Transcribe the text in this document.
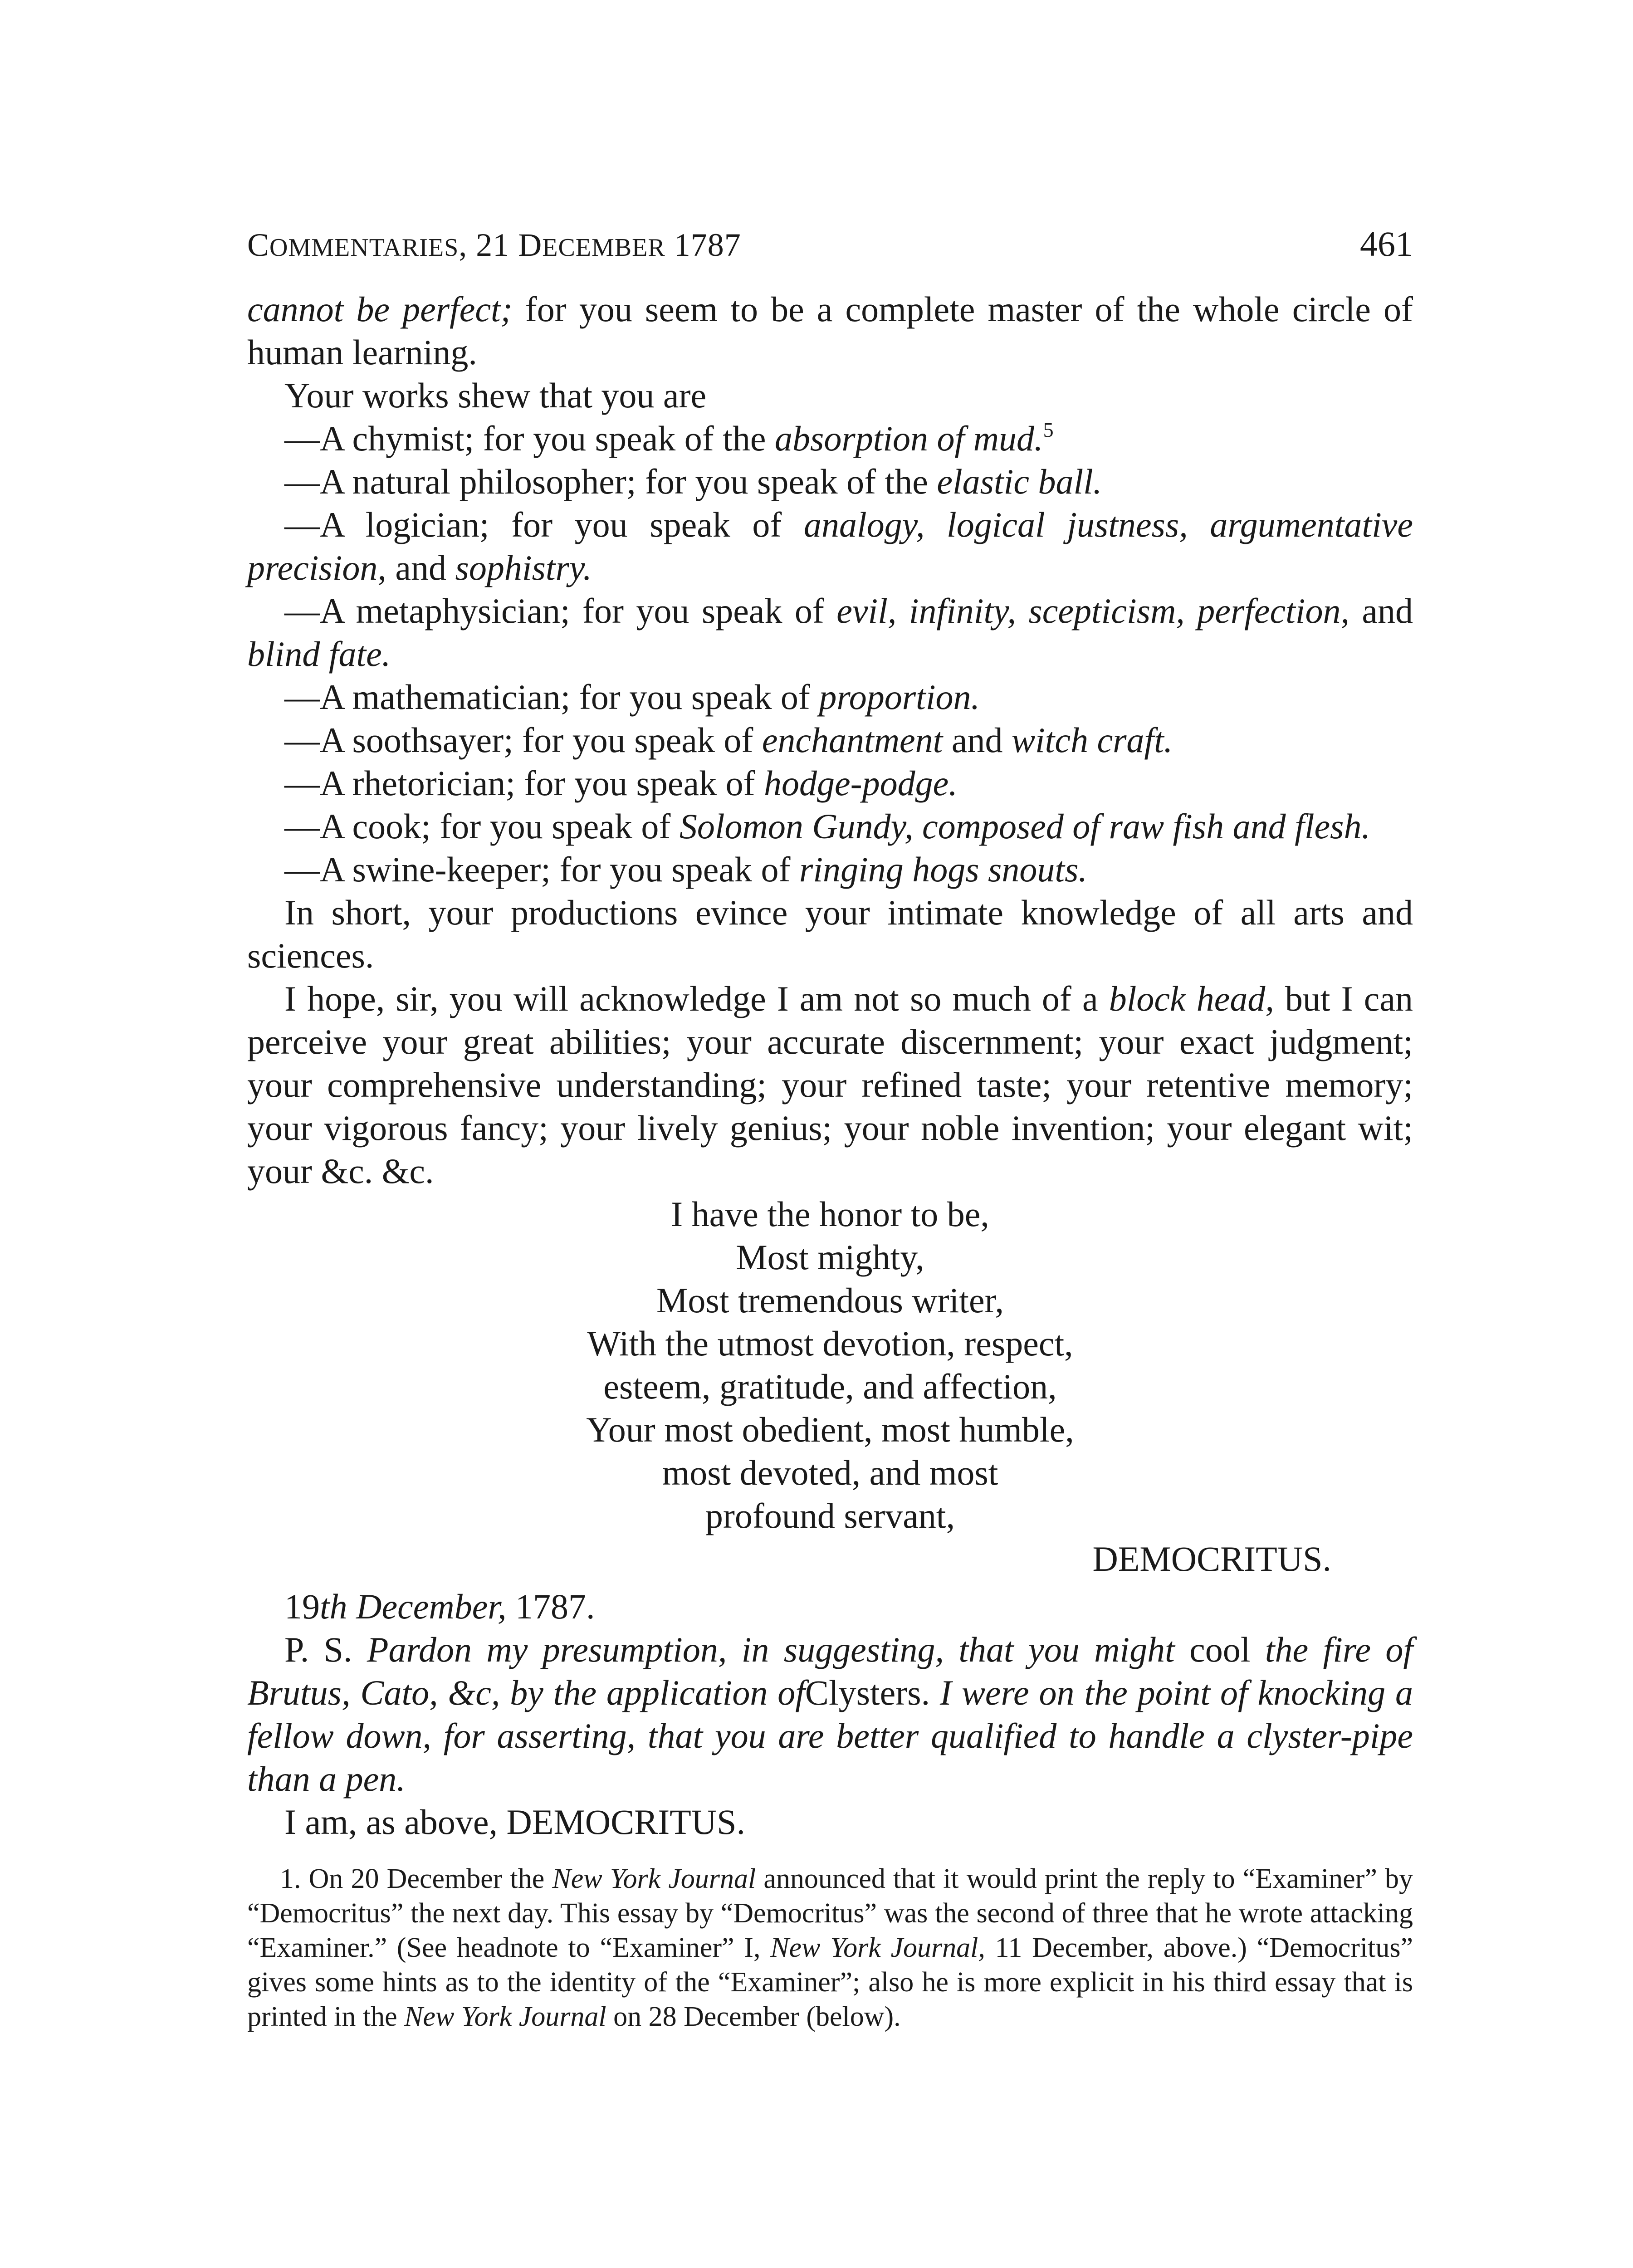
COMMENTARIES, 21 DECEMBER 1787	461

cannot be perfect; for you seem to be a complete master of the whole circle of human learning.

Your works shew that you are

—A chymist; for you speak of the absorption of mud.$^5$

—A natural philosopher; for you speak of the elastic ball.

—A logician; for you speak of analogy, logical justness, argumentative precision, and sophistry.

—A metaphysician; for you speak of evil, infinity, scepticism, perfection, and blind fate.

—A mathematician; for you speak of proportion.

—A soothsayer; for you speak of enchantment and witch craft.

—A rhetorician; for you speak of hodge-podge.

—A cook; for you speak of Solomon Gundy, composed of raw fish and flesh.

—A swine-keeper; for you speak of ringing hogs snouts.

In short, your productions evince your intimate knowledge of all arts and sciences.

I hope, sir, you will acknowledge I am not so much of a block head, but I can perceive your great abilities; your accurate discernment; your exact judgment; your comprehensive understanding; your refined taste; your retentive memory; your vigorous fancy; your lively genius; your noble invention; your elegant wit; your &c. &c.

I have the honor to be,
Most mighty,
Most tremendous writer,
With the utmost devotion, respect,
esteem, gratitude, and affection,
Your most obedient, most humble,
most devoted, and most
profound servant,
DEMOCRITUS.

19th December, 1787.

P. S. Pardon my presumption, in suggesting, that you might cool the fire of Brutus, Cato, &c, by the application ofClysters. I were on the point of knocking a fellow down, for asserting, that you are better qualified to handle a clyster-pipe than a pen.

I am, as above, DEMOCRITUS.

1. On 20 December the New York Journal announced that it would print the reply to “Examiner” by “Democritus” the next day. This essay by “Democritus” was the second of three that he wrote attacking “Examiner.” (See headnote to “Examiner” I, New York Journal, 11 December, above.) “Democritus” gives some hints as to the identity of the “Examiner”; also he is more explicit in his third essay that is printed in the New York Journal on 28 December (below).
